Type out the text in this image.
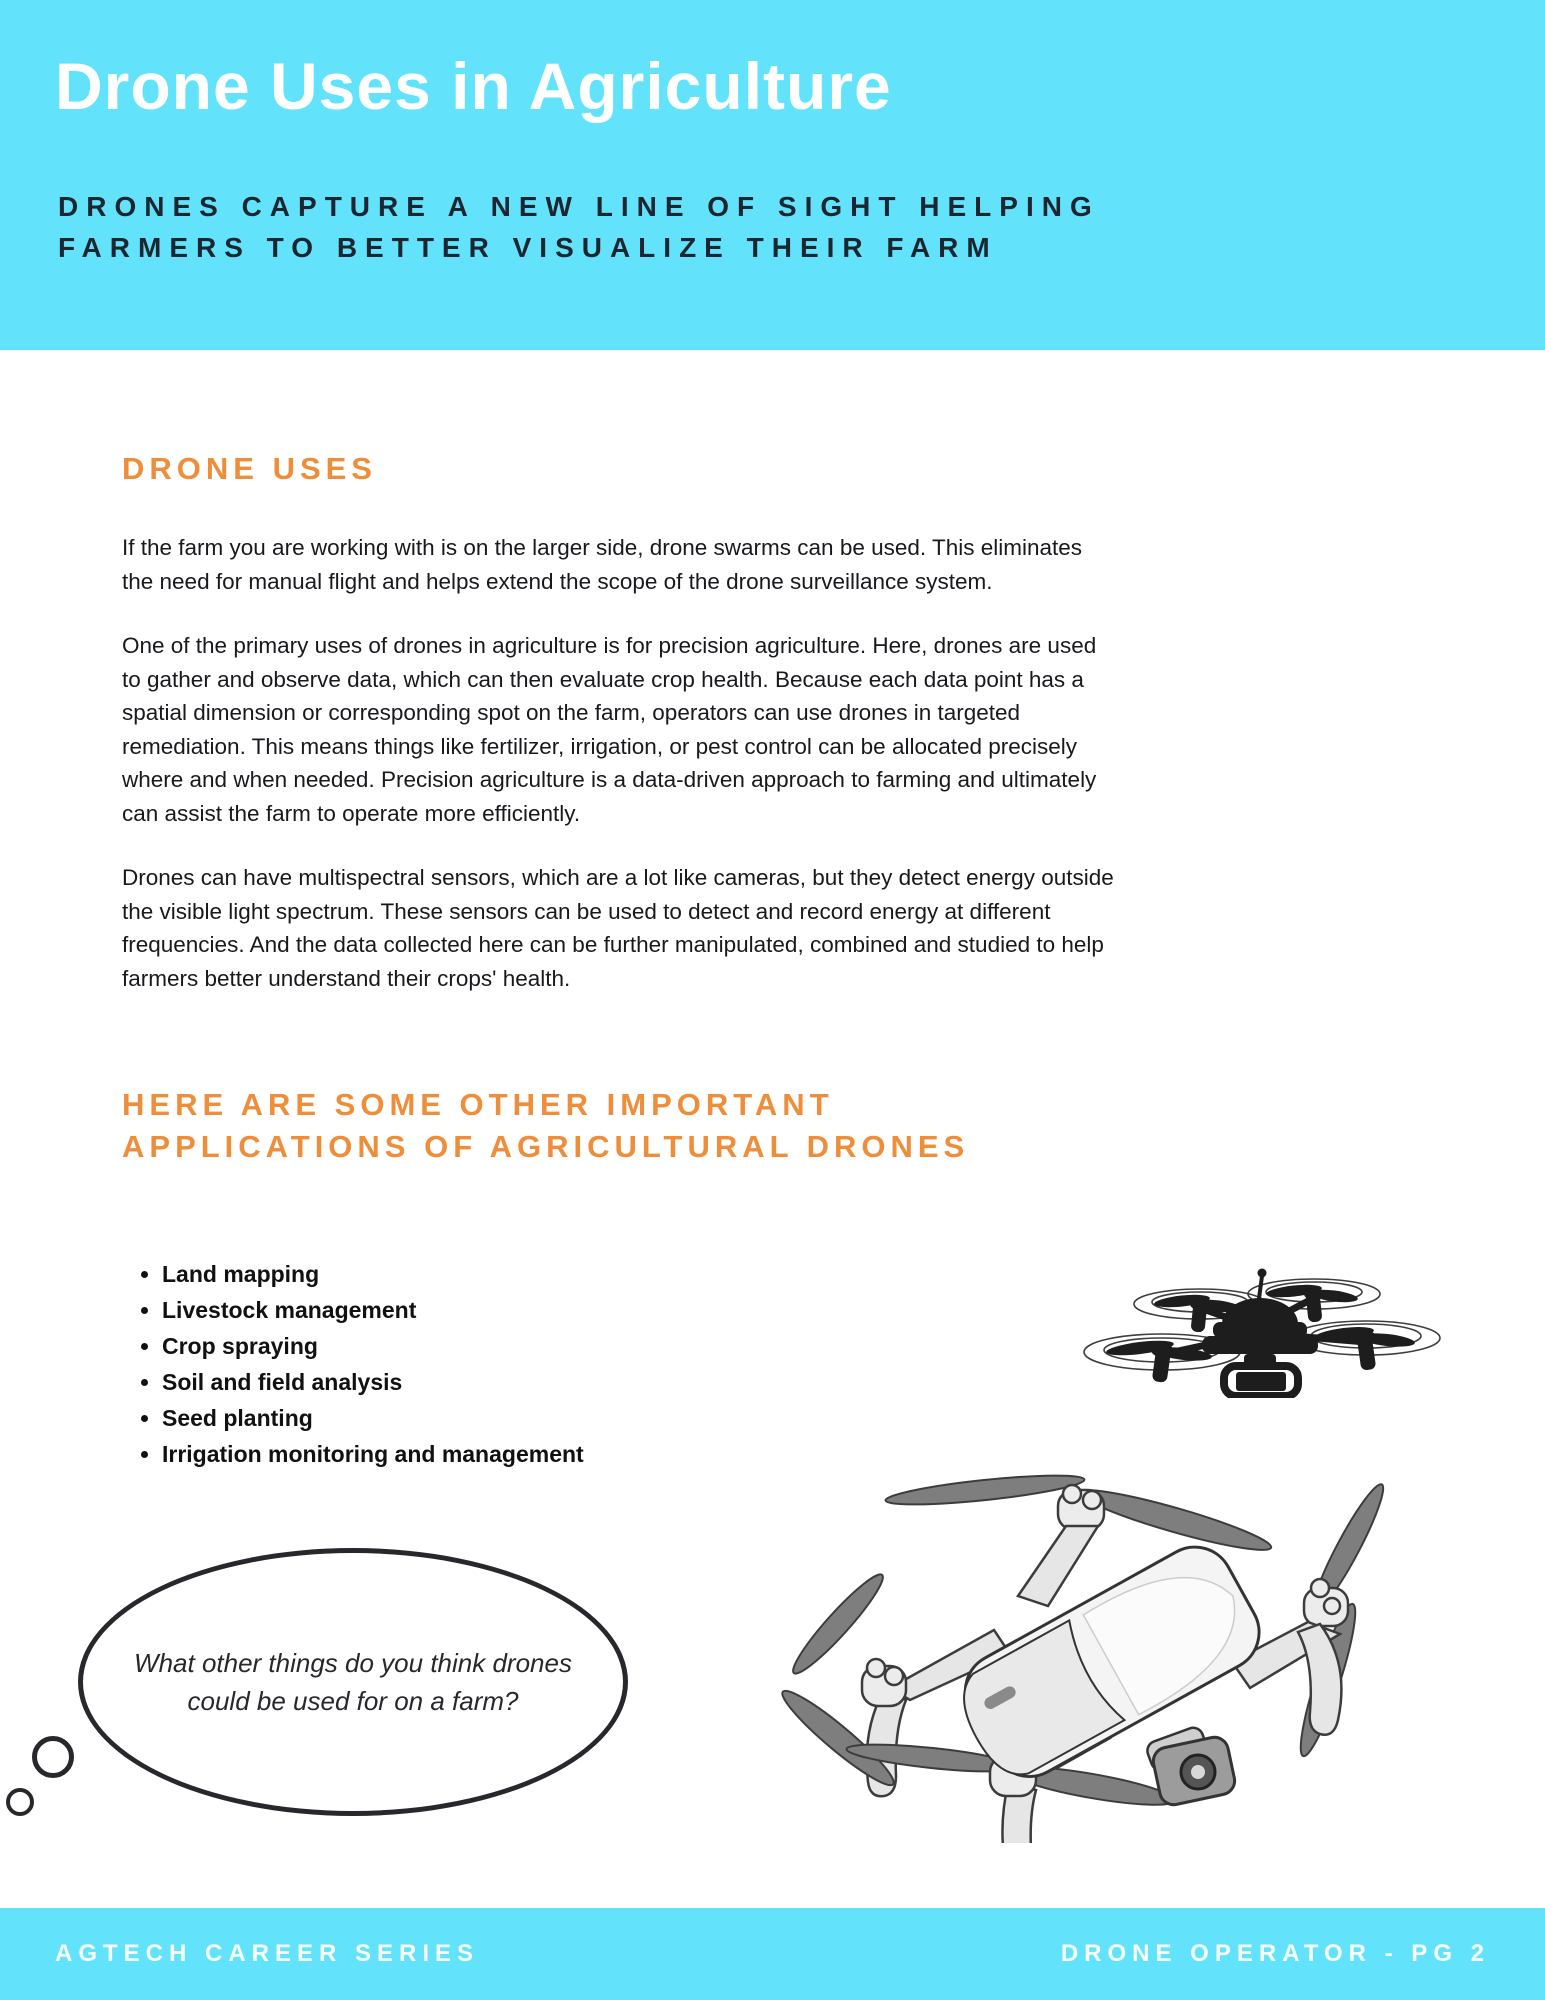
Drone Uses in Agriculture

DRONES CAPTURE A NEW LINE OF SIGHT HELPING FARMERS TO BETTER VISUALIZE THEIR FARM

DRONE USES

If the farm you are working with is on the larger side, drone swarms can be used. This eliminates the need for manual flight and helps extend the scope of the drone surveillance system.

One of the primary uses of drones in agriculture is for precision agriculture. Here, drones are used to gather and observe data, which can then evaluate crop health. Because each data point has a spatial dimension or corresponding spot on the farm, operators can use drones in targeted remediation. This means things like fertilizer, irrigation, or pest control can be allocated precisely where and when needed. Precision agriculture is a data-driven approach to farming and ultimately can assist the farm to operate more efficiently.

Drones can have multispectral sensors, which are a lot like cameras, but they detect energy outside the visible light spectrum. These sensors can be used to detect and record energy at different frequencies. And the data collected here can be further manipulated, combined and studied to help farmers better understand their crops' health.

HERE ARE SOME OTHER IMPORTANT APPLICATIONS OF AGRICULTURAL DRONES
• Land mapping
• Livestock management
• Crop spraying
• Soil and field analysis
• Seed planting
• Irrigation monitoring and management
What other things do you think drones could be used for on a farm?
AGTECH CAREER SERIES	DRONE OPERATOR - PG 2
